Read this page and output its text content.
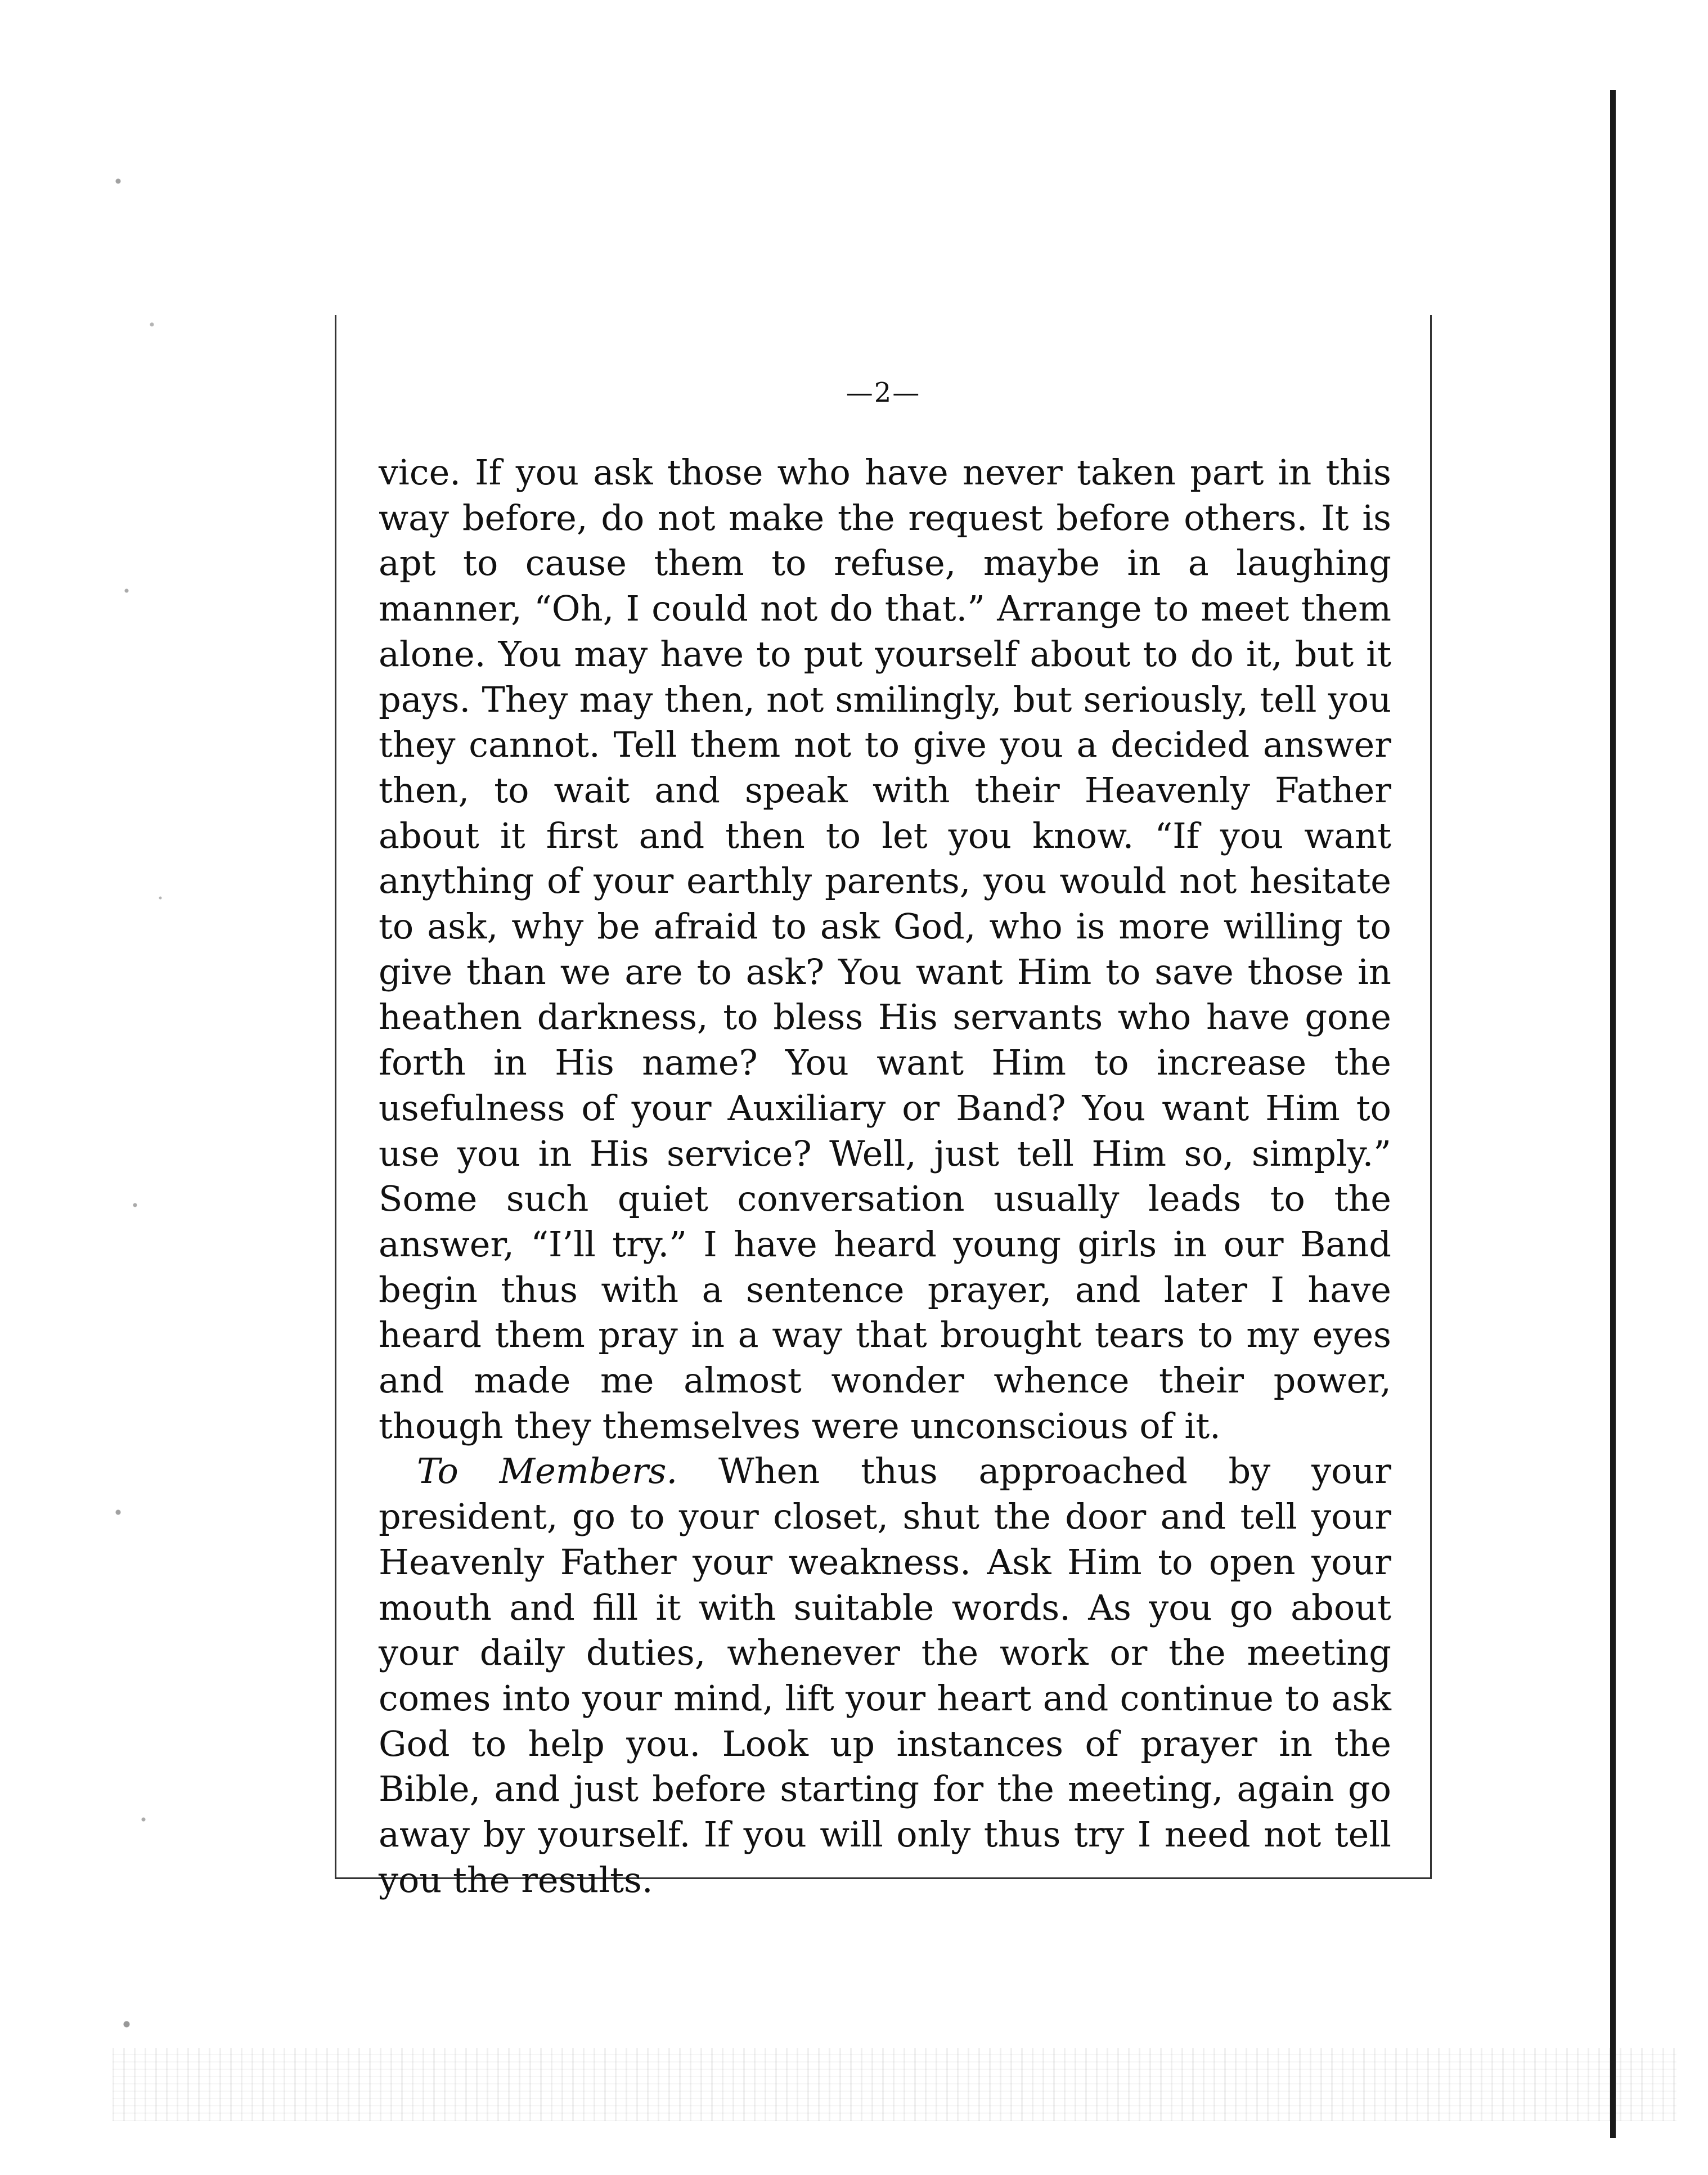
—2—

vice. If you ask those who have never taken part in this way before, do not make the request before others. It is apt to cause them to refuse, maybe in a laughing manner, “Oh, I could not do that.” Arrange to meet them alone. You may have to put yourself about to do it, but it pays. They may then, not smilingly, but seriously, tell you they cannot. Tell them not to give you a decided answer then, to wait and speak with their Heavenly Father about it first and then to let you know. “If you want anything of your earthly parents, you would not hesitate to ask, why be afraid to ask God, who is more willing to give than we are to ask? You want Him to save those in heathen darkness, to bless His servants who have gone forth in His name? You want Him to increase the usefulness of your Auxiliary or Band? You want Him to use you in His service? Well, just tell Him so, simply.” Some such quiet conversation usually leads to the answer, “I’ll try.” I have heard young girls in our Band begin thus with a sentence prayer, and later I have heard them pray in a way that brought tears to my eyes and made me almost wonder whence their power, though they themselves were unconscious of it.

To Members. When thus approached by your president, go to your closet, shut the door and tell your Heavenly Father your weakness. Ask Him to open your mouth and fill it with suitable words. As you go about your daily duties, whenever the work or the meeting comes into your mind, lift your heart and continue to ask God to help you. Look up instances of prayer in the Bible, and just before starting for the meeting, again go away by yourself. If you will only thus try I need not tell you the results.
